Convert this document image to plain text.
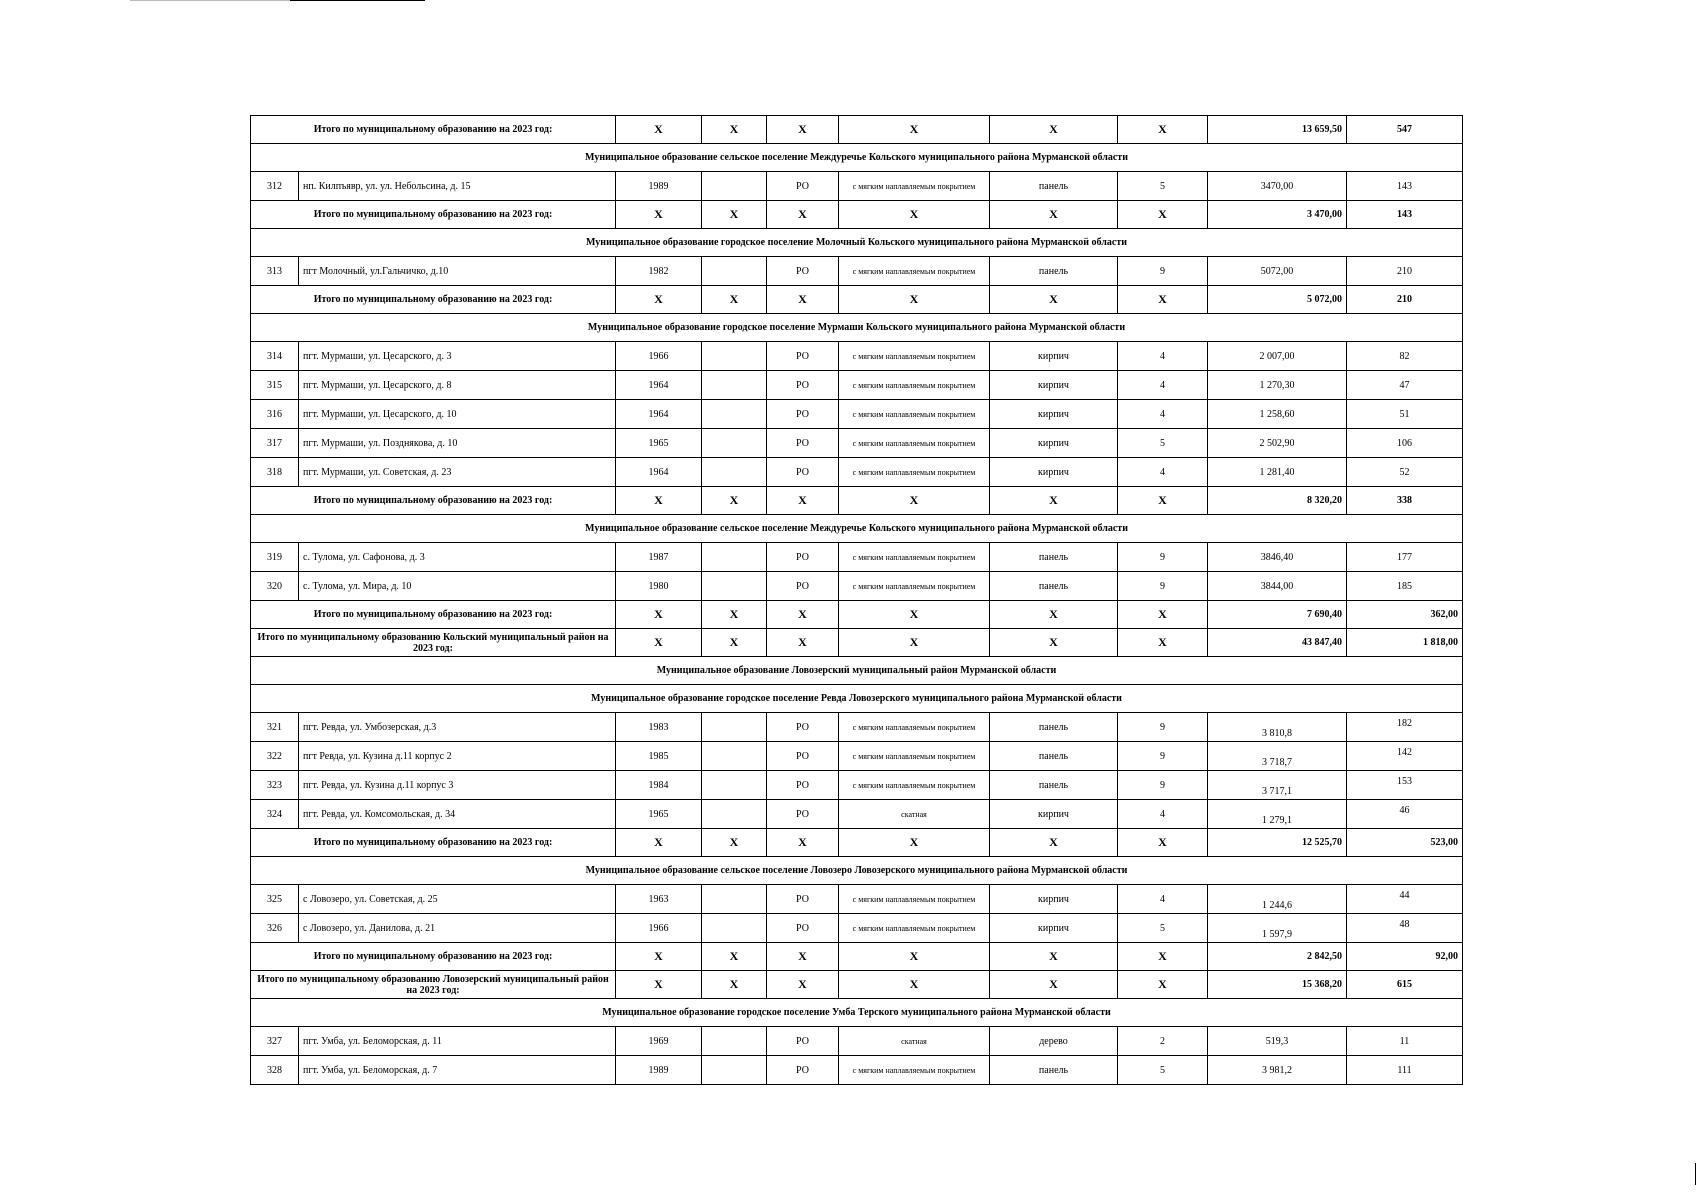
Итого по муниципальному образованию на 2023 год:		X	X	X	X	X	X	13 659,50	547
Муниципальное образование сельское поселение Междуречье Кольского муниципального района Мурманской области									
312	нп. Килпъявр, ул. ул. Небольсина, д. 15	1989		РО	с мягким наплавляемым покрытием	панель	5	3470,00	143
Итого по муниципальному образованию на 2023 год:		X	X	X	X	X	X	3 470,00	143
Муниципальное образование городское поселение Молочный Кольского муниципального района Мурманской области									
313	пгт Молочный, ул.Гальчичко, д.10	1982		РО	с мягким наплавляемым покрытием	панель	9	5072,00	210
Итого по муниципальному образованию на 2023 год:		X	X	X	X	X	X	5 072,00	210
Муниципальное образование городское поселение Мурмаши Кольского муниципального района Мурманской области									
314	пгт. Мурмаши, ул. Цесарского, д. 3	1966		РО	с мягким наплавляемым покрытием	кирпич	4	2 007,00	82
315	пгт. Мурмаши, ул. Цесарского, д. 8	1964		РО	с мягким наплавляемым покрытием	кирпич	4	1 270,30	47
316	пгт. Мурмаши, ул. Цесарского, д. 10	1964		РО	с мягким наплавляемым покрытием	кирпич	4	1 258,60	51
317	пгт. Мурмаши, ул. Позднякова, д. 10	1965		РО	с мягким наплавляемым покрытием	кирпич	5	2 502,90	106
318	пгт. Мурмаши, ул. Советская, д. 23	1964		РО	с мягким наплавляемым покрытием	кирпич	4	1 281,40	52
Итого по муниципальному образованию на 2023 год:		X	X	X	X	X	X	8 320,20	338
Муниципальное образование сельское поселение Междуречье Кольского муниципального района Мурманской области									
319	с. Тулома, ул. Сафонова, д. 3	1987		РО	с мягким наплавляемым покрытием	панель	9	3846,40	177
320	с. Тулома, ул. Мира, д. 10	1980		РО	с мягким наплавляемым покрытием	панель	9	3844,00	185
Итого по муниципальному образованию на 2023 год:		X	X	X	X	X	X	7 690,40	362,00
Итого по муниципальному образованию Кольский муниципальный район на 2023 год:		X	X	X	X	X	X	43 847,40	1 818,00
Муниципальное образование Ловозерский муниципальный район Мурманской области									
Муниципальное образование городское поселение Ревда Ловозерского муниципального района Мурманской области									
321	пгт. Ревда, ул. Умбозерская, д.3	1983		РО	с мягким наплавляемым покрытием	панель	9	3 810,8	182
322	пгт Ревда, ул. Кузина д.11 корпус 2	1985		РО	с мягким наплавляемым покрытием	панель	9	3 718,7	142
323	пгт. Ревда, ул. Кузина д.11 корпус 3	1984		РО	с мягким наплавляемым покрытием	панель	9	3 717,1	153
324	пгт. Ревда, ул. Комсомольская, д. 34	1965		РО	скатная	кирпич	4	1 279,1	46
Итого по муниципальному образованию на 2023 год:		X	X	X	X	X	X	12 525,70	523,00
Муниципальное образование сельское поселение Ловозеро Ловозерского муниципального района Мурманской области									
325	с Ловозеро, ул. Советская, д. 25	1963		РО	с мягким наплавляемым покрытием	кирпич	4	1 244,6	44
326	с Ловозеро, ул. Данилова, д. 21	1966		РО	с мягким наплавляемым покрытием	кирпич	5	1 597,9	48
Итого по муниципальному образованию на 2023 год:		X	X	X	X	X	X	2 842,50	92,00
Итого по муниципальному образованию Ловозерский муниципальный район на 2023 год:		X	X	X	X	X	X	15 368,20	615
Муниципальное образование городское поселение Умба Терского муниципального района Мурманской области									
327	пгт. Умба, ул. Беломорская, д. 11	1969		РО	скатная	дерево	2	519,3	11
328	пгт. Умба, ул. Беломорская, д. 7	1989		РО	с мягким наплавляемым покрытием	панель	5	3 981,2	111
